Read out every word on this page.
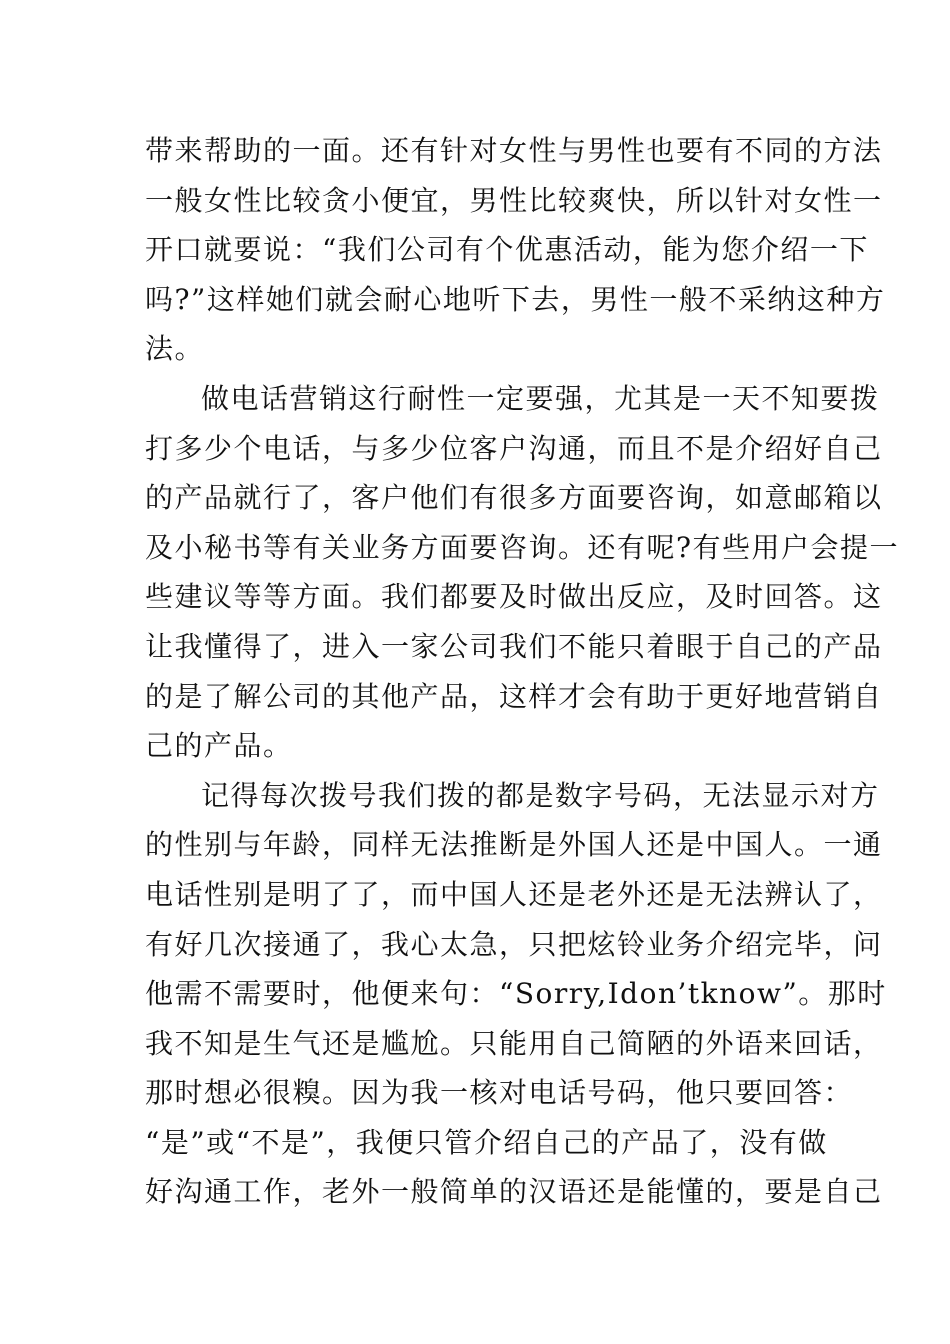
带来帮助的一面。还有针对女性与男性也要有不同的方法
一般女性比较贪小便宜，男性比较爽快，所以针对女性一
开口就要说：“我们公司有个优惠活动，能为您介绍一下
吗?”这样她们就会耐心地听下去，男性一般不采纳这种方
法。
做电话营销这行耐性一定要强，尤其是一天不知要拨
打多少个电话，与多少位客户沟通，而且不是介绍好自己
的产品就行了，客户他们有很多方面要咨询，如意邮箱以
及小秘书等有关业务方面要咨询。还有呢?有些用户会提一
些建议等等方面。我们都要及时做出反应，及时回答。这
让我懂得了，进入一家公司我们不能只着眼于自己的产品
的是了解公司的其他产品，这样才会有助于更好地营销自
己的产品。
记得每次拨号我们拨的都是数字号码，无法显示对方
的性别与年龄，同样无法推断是外国人还是中国人。一通
电话性别是明了了，而中国人还是老外还是无法辨认了，
有好几次接通了，我心太急，只把炫铃业务介绍完毕，问
他需不需要时，他便来句：“Sorry,Idon’tknow”。那时
我不知是生气还是尴尬。只能用自己简陋的外语来回话，
那时想必很糗。因为我一核对电话号码，他只要回答：
“是”或“不是”，我便只管介绍自己的产品了，没有做
好沟通工作，老外一般简单的汉语还是能懂的，要是自己
